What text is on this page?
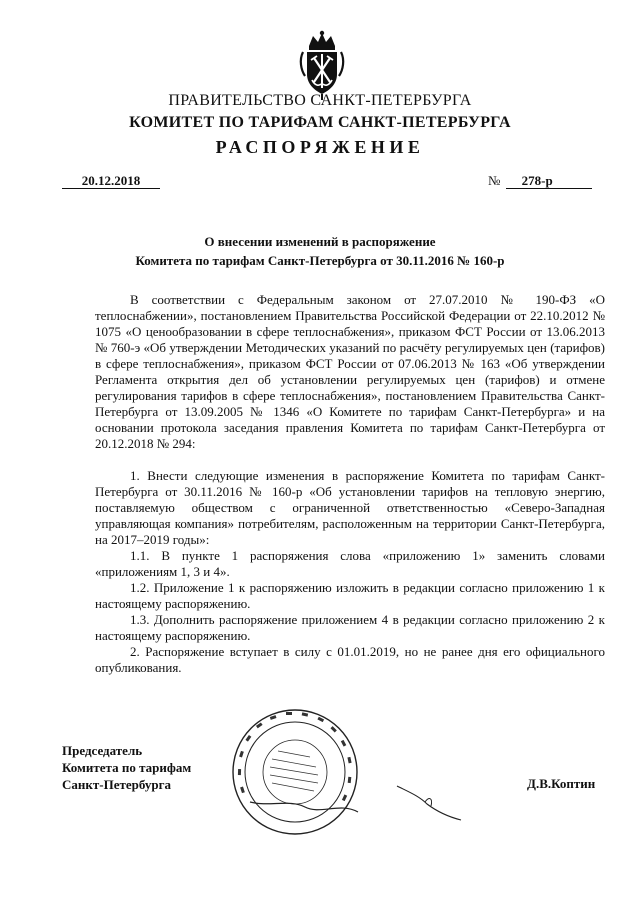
ПРАВИТЕЛЬСТВО САНКТ-ПЕТЕРБУРГА
КОМИТЕТ ПО ТАРИФАМ САНКТ-ПЕТЕРБУРГА
РАСПОРЯЖЕНИЕ
20.12.2018	№ 278-р
О внесении изменений в распоряжение
Комитета по тарифам Санкт-Петербурга от 30.11.2016 № 160-р

В соответствии с Федеральным законом от 27.07.2010 № 190-ФЗ «О теплоснабжении», постановлением Правительства Российской Федерации от 22.10.2012 № 1075 «О ценообразовании в сфере теплоснабжения», приказом ФСТ России от 13.06.2013 № 760-э «Об утверждении Методических указаний по расчёту регулируемых цен (тарифов) в сфере теплоснабжения», приказом ФСТ России от 07.06.2013 № 163 «Об утверждении Регламента открытия дел об установлении регулируемых цен (тарифов) и отмене регулирования тарифов в сфере теплоснабжения», постановлением Правительства Санкт-Петербурга от 13.09.2005 № 1346 «О Комитете по тарифам Санкт-Петербурга» и на основании протокола заседания правления Комитета по тарифам Санкт-Петербурга от 20.12.2018 № 294:

1. Внести следующие изменения в распоряжение Комитета по тарифам Санкт-Петербурга от 30.11.2016 № 160-р «Об установлении тарифов на тепловую энергию, поставляемую обществом с ограниченной ответственностью «Северо-Западная управляющая компания» потребителям, расположенным на территории Санкт-Петербурга, на 2017–2019 годы»:

1.1. В пункте 1 распоряжения слова «приложению 1» заменить словами «приложениям 1, 3 и 4».

1.2. Приложение 1 к распоряжению изложить в редакции согласно приложению 1 к настоящему распоряжению.

1.3. Дополнить распоряжение приложением 4 в редакции согласно приложению 2 к настоящему распоряжению.

2. Распоряжение вступает в силу с 01.01.2019, но не ранее дня его официального опубликования.

Председатель
Комитета по тарифам
Санкт-Петербурга	Д.В.Коптин
